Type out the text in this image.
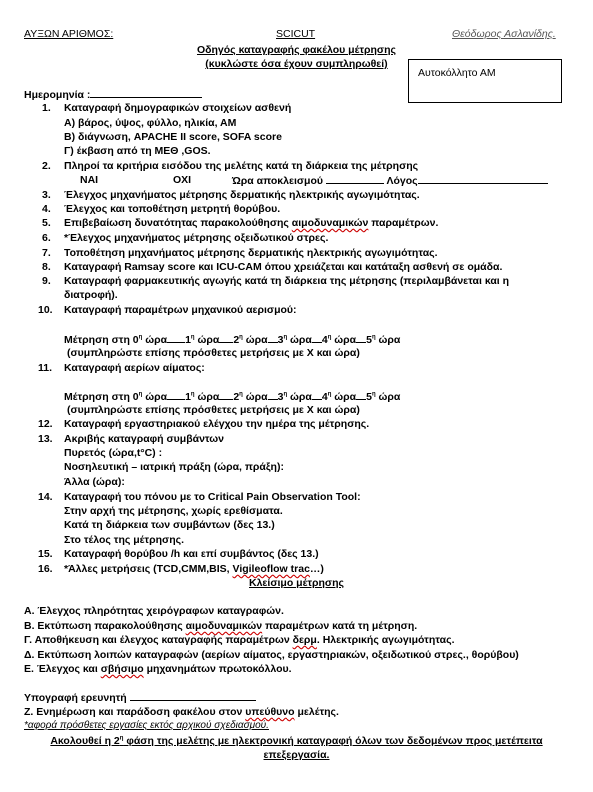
ΑΥΞΩΝ ΑΡΙΘΜΟΣ:	SCICUT	Θεόδωρος Ασλανίδης.
Οδηγός καταγραφής φακέλου μέτρησης
(κυκλώστε όσα έχουν συμπληρωθεί)
Αυτοκόλλητο ΑΜ
Ημερομηνία :
1.
2.
3.
4.
5.
6.
7.
8.
9.
10.
11.
12.
13.
14.
15.
16.
Καταγραφή δημογραφικών στοιχείων ασθενή
Α) βάρος, ύψος, φύλλο, ηλικία, ΑΜ
Β) διάγνωση, APACHE II score, SOFA score
Γ) έκβαση από τη ΜΕΘ ,GOS.
Πληροί τα κριτήρια εισόδου της μελέτης κατά τη διάρκεια της μέτρησης
ΝΑΙ	ΟΧΙ	Ώρα αποκλεισμού	Λόγος
Έλεγχος μηχανήματος μέτρησης δερματικής ηλεκτρικής αγωγιμότητας.
Έλεγχος και τοποθέτηση μετρητή θορύβου.
Επιβεβαίωση δυνατότητας παρακολούθησης αιμοδυναμικών παραμέτρων.
*Έλεγχος μηχανήματος μέτρησης οξειδωτικού στρες.
Τοποθέτηση μηχανήματος μέτρησης δερματικής ηλεκτρικής αγωγιμότητας.
Καταγραφή Ramsay score και ICU-CAM όπου χρειάζεται και κατάταξη ασθενή σε ομάδα.
Καταγραφή φαρμακευτικής αγωγής κατά τη διάρκεια της μέτρησης (περιλαμβάνεται και η
διατροφή).
Καταγραφή παραμέτρων μηχανικού αερισμού:
Μέτρηση στη $0^\eta$ ώρα $1^\eta$ ώρα $2^\eta$ ώρα $3^\eta$ ώρα $4^\eta$ ώρα $5^\eta$ ώρα
(συμπληρώστε επίσης πρόσθετες μετρήσεις με Χ και ώρα)
Καταγραφή αερίων αίματος:
Μέτρηση στη $0^\eta$ ώρα $1^\eta$ ώρα $2^\eta$ ώρα $3^\eta$ ώρα $4^\eta$ ώρα $5^\eta$ ώρα
(συμπληρώστε επίσης πρόσθετες μετρήσεις με Χ και ώρα)
Καταγραφή εργαστηριακού ελέγχου την ημέρα της μέτρησης.
Ακριβής καταγραφή συμβάντων
Πυρετός (ώρα,t°C) :
Νοσηλευτική – ιατρική πράξη (ώρα, πράξη):
Άλλα (ώρα):
Καταγραφή του πόνου με το Critical Pain Observation Tool:
Στην αρχή της μέτρησης, χωρίς ερεθίσματα.
Κατά τη διάρκεια των συμβάντων (δες 13.)
Στο τέλος της μέτρησης.
Καταγραφή θορύβου /h και επί συμβάντος (δες 13.)
*Άλλες μετρήσεις (TCD,CMM,BIS, Vigileoflow trac…)
Κλείσιμο μέτρησης
Α. Έλεγχος πληρότητας χειρόγραφων καταγραφών.
Β. Εκτύπωση παρακολούθησης αιμοδυναμικών παραμέτρων κατά τη μέτρηση.
Γ. Αποθήκευση και έλεγχος καταγραφής παραμέτρων δερμ. Ηλεκτρικής αγωγιμότητας.
Δ. Εκτύπωση λοιπών καταγραφών (αερίων αίματος, εργαστηριακών, οξειδωτικού στρες., θορύβου)
Ε. Έλεγχος και σβήσιμο μηχανημάτων πρωτοκόλλου.
Υπογραφή ερευνητή
Ζ. Ενημέρωση και παράδοση φακέλου στον υπεύθυνο μελέτης.
*αφορά πρόσθετες εργασίες εκτός αρχικού σχεδιασμού.
Ακολουθεί η $2^\eta$ φάση της μελέτης με ηλεκτρονική καταγραφή όλων των δεδομένων προς μετέπειτα
επεξεργασία.
